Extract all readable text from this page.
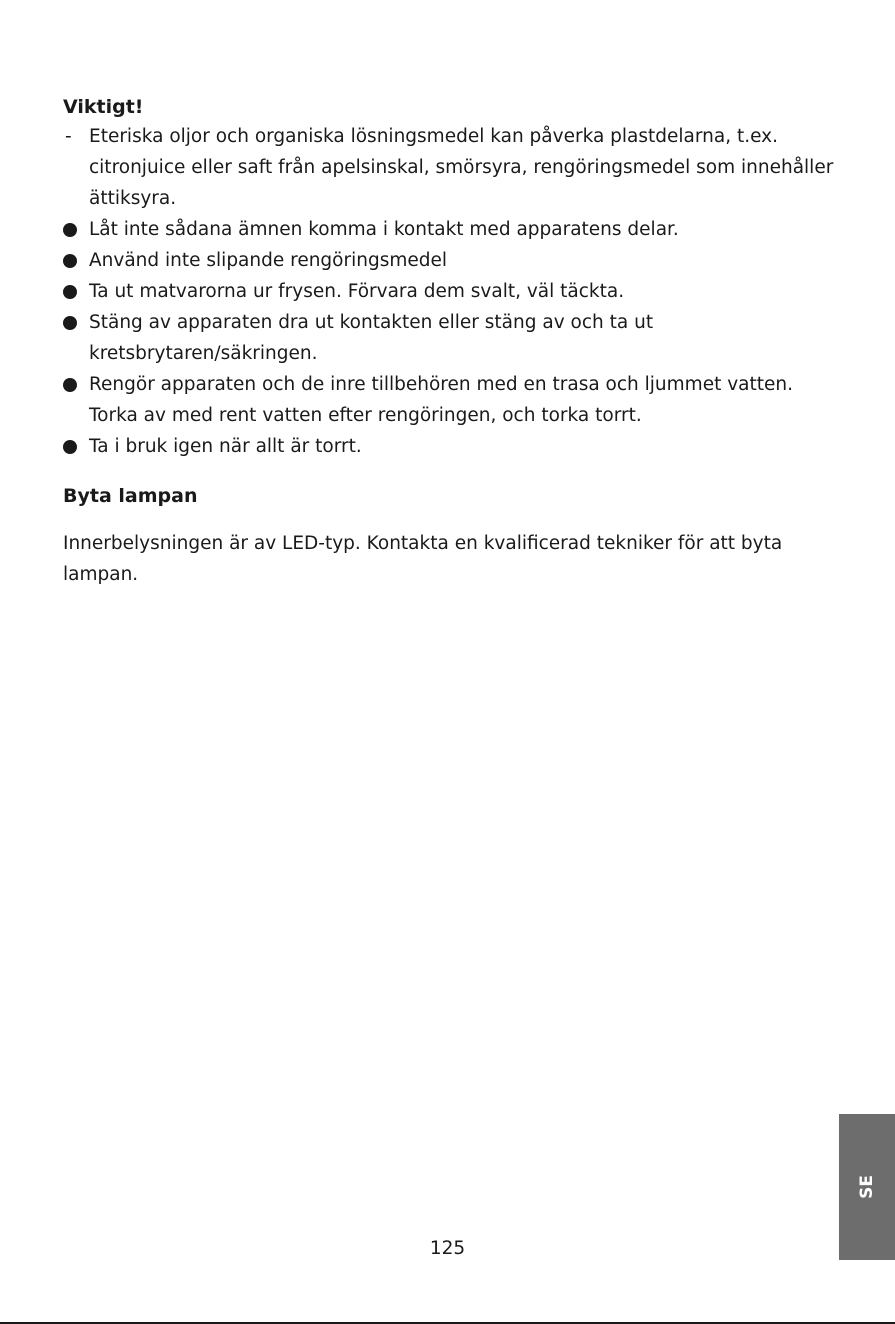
Viktigt!
- Eteriska oljor och organiska lösningsmedel kan påverka plastdelarna, t.ex. citronjuice eller saft från apelsinskal, smörsyra, rengöringsmedel som innehåller ättiksyra.
Låt inte sådana ämnen komma i kontakt med apparatens delar.
Använd inte slipande rengöringsmedel
Ta ut matvarorna ur frysen. Förvara dem svalt, väl täckta.
Stäng av apparaten dra ut kontakten eller stäng av och ta ut kretsbrytaren/säkringen.
Rengör apparaten och de inre tillbehören med en trasa och ljummet vatten. Torka av med rent vatten efter rengöringen, och torka torrt.
Ta i bruk igen när allt är torrt.
Byta lampan

Innerbelysningen är av LED-typ. Kontakta en kvalificerad tekniker för att byta lampan.

125
SE
